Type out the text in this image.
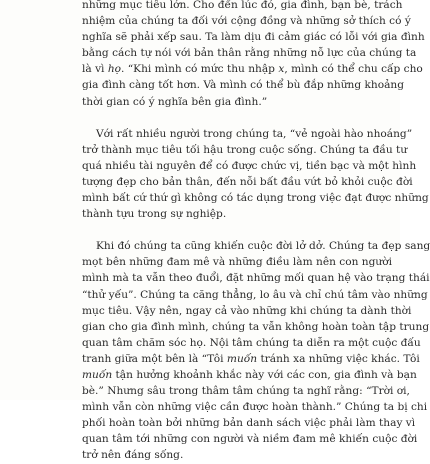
những mục tiêu lớn. Cho đến lúc đó, gia đình, bạn bè, trách
nhiệm của chúng ta đối với cộng đồng và những sở thích có ý
nghĩa sẽ phải xếp sau. Ta làm dịu đi cảm giác có lỗi với gia đình
bằng cách tự nói với bản thân rằng những nỗ lực của chúng ta
là vì họ. “Khi mình có mức thu nhập x, mình có thể chu cấp cho
gia đình càng tốt hơn. Và mình có thể bù đắp những khoảng
thời gian có ý nghĩa bên gia đình.”
Với rất nhiều người trong chúng ta, “vẻ ngoài hào nhoáng”
trở thành mục tiêu tối hậu trong cuộc sống. Chúng ta đầu tư
quá nhiều tài nguyên để có được chức vị, tiền bạc và một hình
tượng đẹp cho bản thân, đến nỗi bất đầu vứt bỏ khỏi cuộc đời
mình bất cứ thứ gì không có tác dụng trong việc đạt được những
thành tựu trong sự nghiệp.
Khi đó chúng ta cũng khiến cuộc đời lở dở. Chúng ta đẹp sang
mọt bên những đam mê và những điều làm nên con người
mình mà ta vẫn theo đuổi, đặt những mối quan hệ vào trạng thái
“thử yếu”. Chúng ta căng thẳng, lo âu và chỉ chú tâm vào những
mục tiêu. Vậy nên, ngay cả vào những khi chúng ta dành thời
gian cho gia đình mình, chúng ta vẫn không hoàn toàn tập trung
quan tâm chăm sóc họ. Nội tâm chúng ta diễn ra một cuộc đấu
tranh giữa một bên là “Tôi muốn tránh xa những việc khác. Tôi
muốn tận hưởng khoảnh khắc này với các con, gia đình và bạn
bè.” Nhưng sâu trong thâm tâm chúng ta nghĩ rằng: “Trời ơi,
mình vẫn còn những việc cần được hoàn thành.” Chúng ta bị chi
phối hoàn toàn bởi những bản danh sách việc phải làm thay vì
quan tâm tới những con người và niềm đam mê khiến cuộc đời
trở nên đáng sống.
